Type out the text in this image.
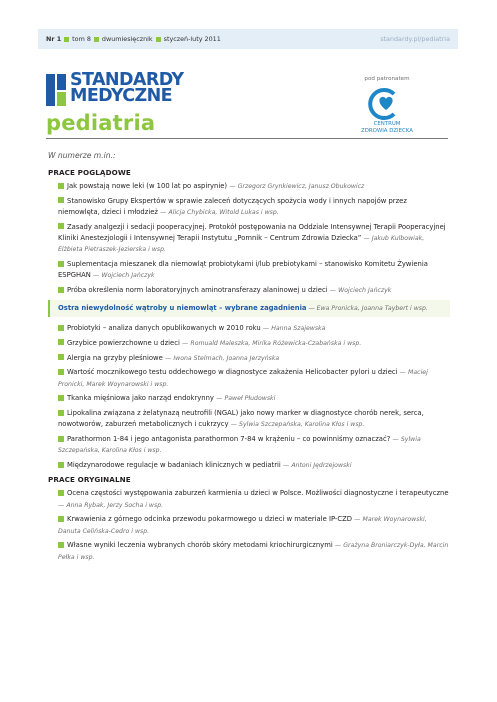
Nr 1 tom 8 dwumiesięcznik styczeń-luty 2011	standardy.pl/pediatria
STANDARDY
MEDYCZNE
pediatria
pod patronatem
CENTRUM
ZDROWIA DZIECKA
W numerze m.in.:
PRACE POGLĄDOWE
Jak powstają nowe leki (w 100 lat po aspirynie) — Grzegorz Grynkiewicz, Janusz Obukowicz
Stanowisko Grupy Ekspertów w sprawie zaleceń dotyczących spożycia wody i innych napojów przez niemowlęta, dzieci i młodzież — Alicja Chybicka, Witold Lukas i wsp.
Zasady analgezji i sedacji pooperacyjnej. Protokół postępowania na Oddziale Intensywnej Terapii Pooperacyjnej Kliniki Anestezjologii i Intensywnej Terapii Instytutu „Pomnik – Centrum Zdrowia Dziecka” — Jakub Kulbowiak, Elżbieta Pietraszek-Jezierska i wsp.
Suplementacja mieszanek dla niemowląt probiotykami i/lub prebiotykami – stanowisko Komitetu Żywienia ESPGHAN — Wojciech Jańczyk
Próba określenia norm laboratoryjnych aminotransferazy alaninowej u dzieci — Wojciech Jańczyk
Ostra niewydolność wątroby u niemowląt – wybrane zagadnienia — Ewa Pronicka, Joanna Taybert i wsp.
Probiotyki – analiza danych opublikowanych w 2010 roku — Hanna Szajewska
Grzybice powierzchowne u dzieci — Romuald Maleszka, Mirika Różewicka-Czabańska i wsp.
Alergia na grzyby pleśniowe — Iwona Stelmach, Joanna Jerzyńska
Wartość mocznikowego testu oddechowego w diagnostyce zakażenia Helicobacter pylori u dzieci — Maciej Pronicki, Marek Woynarowski i wsp.
Tkanka mięśniowa jako narząd endokrynny — Paweł Płudowski
Lipokalina związana z żelatynazą neutrofili (NGAL) jako nowy marker w diagnostyce chorób nerek, serca, nowotworów, zaburzeń metabolicznych i cukrzycy — Sylwia Szczepańska, Karolina Kłos i wsp.
Parathormon 1-84 i jego antagonista parathormon 7-84 w krążeniu – co powinniśmy oznaczać? — Sylwia Szczepańska, Karolina Kłos i wsp.
Międzynarodowe regulacje w badaniach klinicznych w pediatrii — Antoni Jędrzejowski
PRACE ORYGINALNE
Ocena częstości występowania zaburzeń karmienia u dzieci w Polsce. Możliwości diagnostyczne i terapeutyczne — Anna Rybak, Jerzy Socha i wsp.
Krwawienia z górnego odcinka przewodu pokarmowego u dzieci w materiale IP-CZD — Marek Woynarowski, Danuta Celińska-Cedro i wsp.
Własne wyniki leczenia wybranych chorób skóry metodami kriochirurgicznymi — Grażyna Broniarczyk-Dyła, Marcin Pełka i wsp.
